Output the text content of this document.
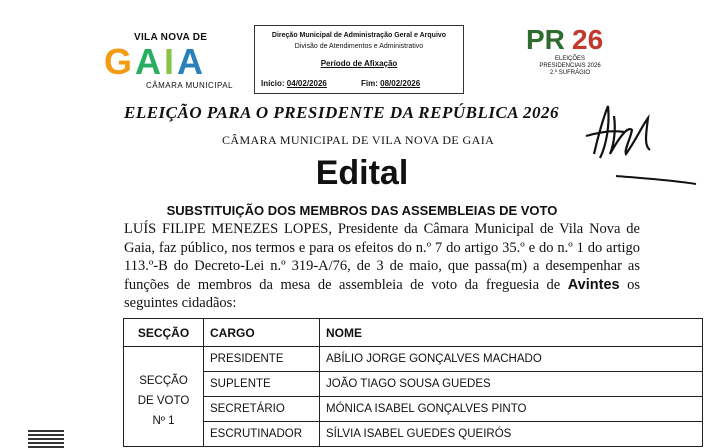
VILA NOVA DE
GAIA
CÂMARA MUNICIPAL
Direção Municipal de Administração Geral e Arquivo
Divisão de Atendimentos e Administrativo
Período de Afixação
Início: 04/02/2026	Fim: 08/02/2026
PR 26
ELEIÇÕES
PRESIDENCIAIS 2026
2.º SUFRÁGIO
ELEIÇÃO PARA O PRESIDENTE DA REPÚBLICA 2026
CÂMARA MUNICIPAL DE VILA NOVA DE GAIA
Edital
SUBSTITUIÇÃO DOS MEMBROS DAS ASSEMBLEIAS DE VOTO
LUÍS FILIPE MENEZES LOPES, Presidente da Câmara Municipal de Vila Nova de Gaia, faz público, nos termos e para os efeitos do n.º 7 do artigo 35.º e do n.º 1 do artigo 113.º-B do Decreto-Lei n.º 319-A/76, de 3 de maio, que passa(m) a desempenhar as funções de membros da mesa de assembleia de voto da freguesia de Avintes os seguintes cidadãos:
SECÇÃO	CARGO	NOME

SECÇÃO DE VOTO Nº 1	PRESIDENTE	ABÍLIO JORGE GONÇALVES MACHADO
	SUPLENTE	JOÃO TIAGO SOUSA GUEDES
	SECRETÁRIO	MÓNICA ISABEL GONÇALVES PINTO
	ESCRUTINADOR	SÍLVIA ISABEL GUEDES QUEIRÓS
